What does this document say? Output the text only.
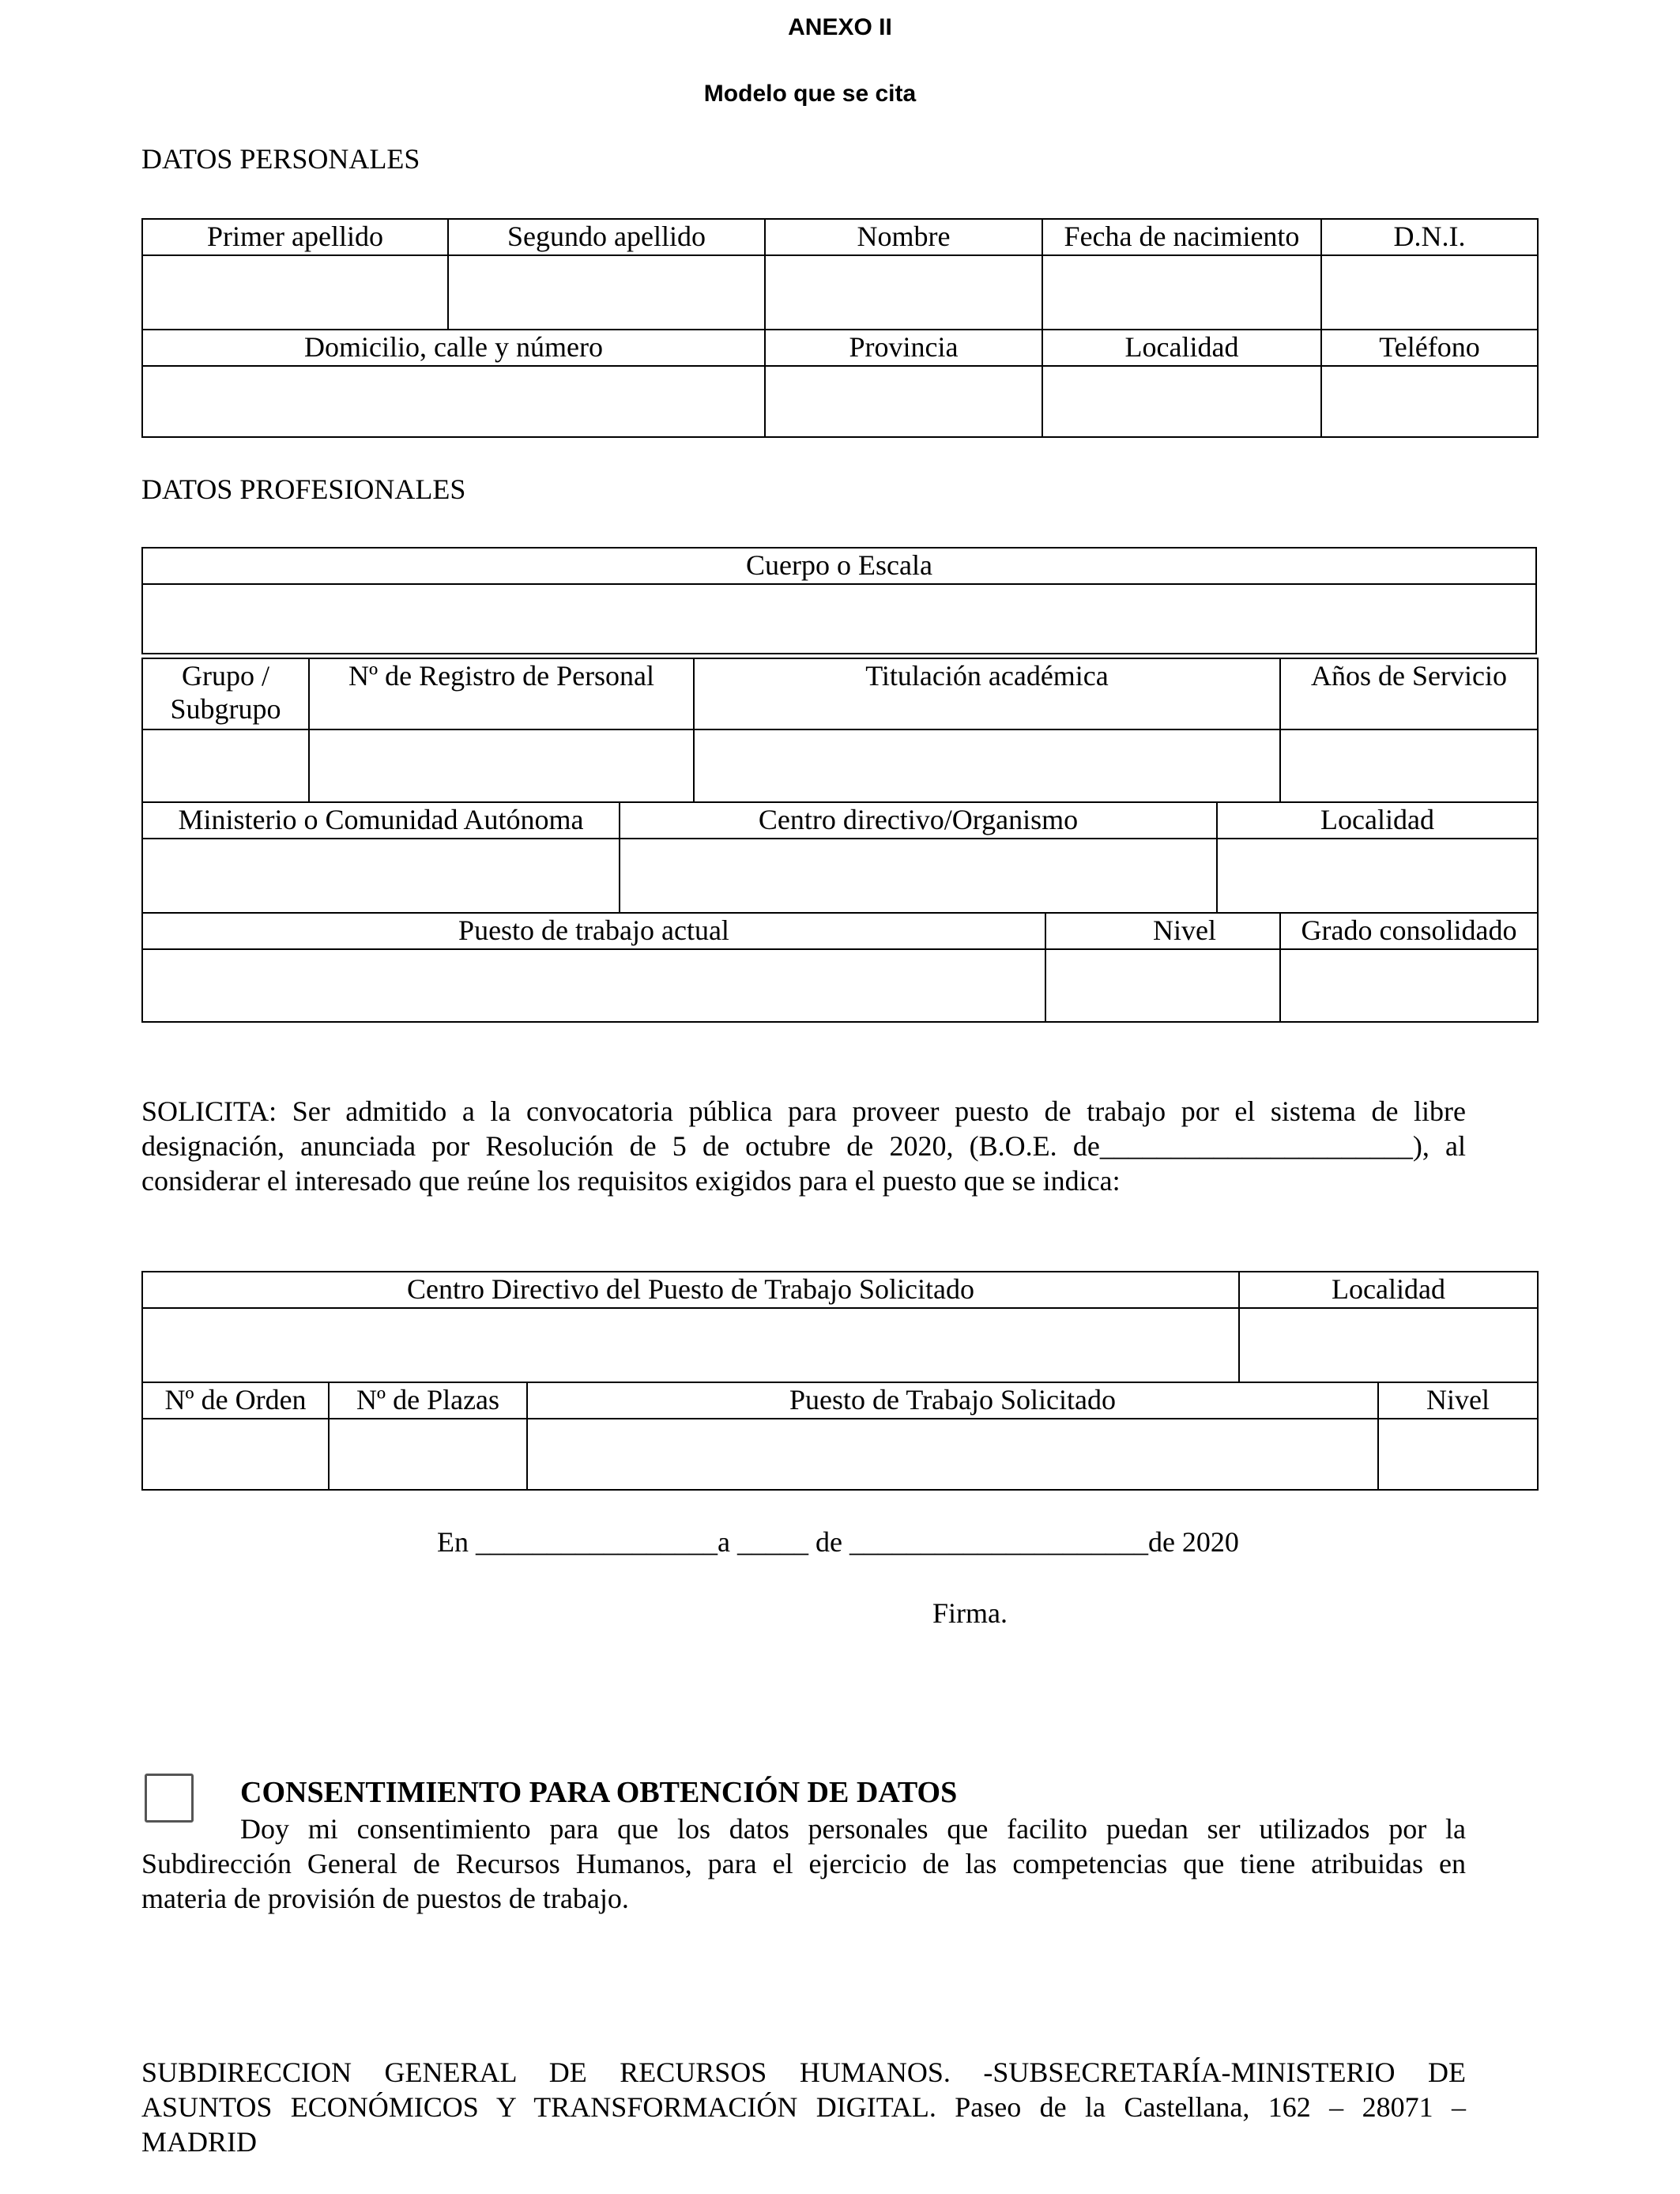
ANEXO II
Modelo que se cita
DATOS PERSONALES
Primer apellido	Segundo apellido	Nombre	Fecha de nacimiento	D.N.I.

Domicilio, calle y número		Provincia	Localidad	Teléfono

DATOS PROFESIONALES
Cuerpo o Escala

Grupo / Subgrupo	Nº de Registro de Personal	Titulación académica	Años de Servicio

Ministerio o Comunidad Autónoma	Centro directivo/Organismo	Localidad

Puesto de trabajo actual	Nivel	Grado consolidado

SOLICITA: Ser admitido a la convocatoria pública para proveer puesto de trabajo por el sistema de libre
designación, anunciada por Resolución de 5 de octubre de 2020, (B.O.E. de______________________), al
considerar el interesado que reúne los requisitos exigidos para el puesto que se indica:
Centro Directivo del Puesto de Trabajo Solicitado	Localidad

Nº de Orden	Nº de Plazas	Puesto de Trabajo Solicitado	Nivel

En _________________a _____ de _____________________de 2020
Firma.
CONSENTIMIENTO PARA OBTENCIÓN DE DATOS
Doy mi consentimiento para que los datos personales que facilito puedan ser utilizados por la
Subdirección General de Recursos Humanos, para el ejercicio de las competencias que tiene atribuidas en
materia de provisión de puestos de trabajo.
SUBDIRECCION GENERAL DE RECURSOS HUMANOS. -SUBSECRETARÍA-MINISTERIO DE
ASUNTOS ECONÓMICOS Y TRANSFORMACIÓN DIGITAL. Paseo de la Castellana, 162 – 28071 –
MADRID
